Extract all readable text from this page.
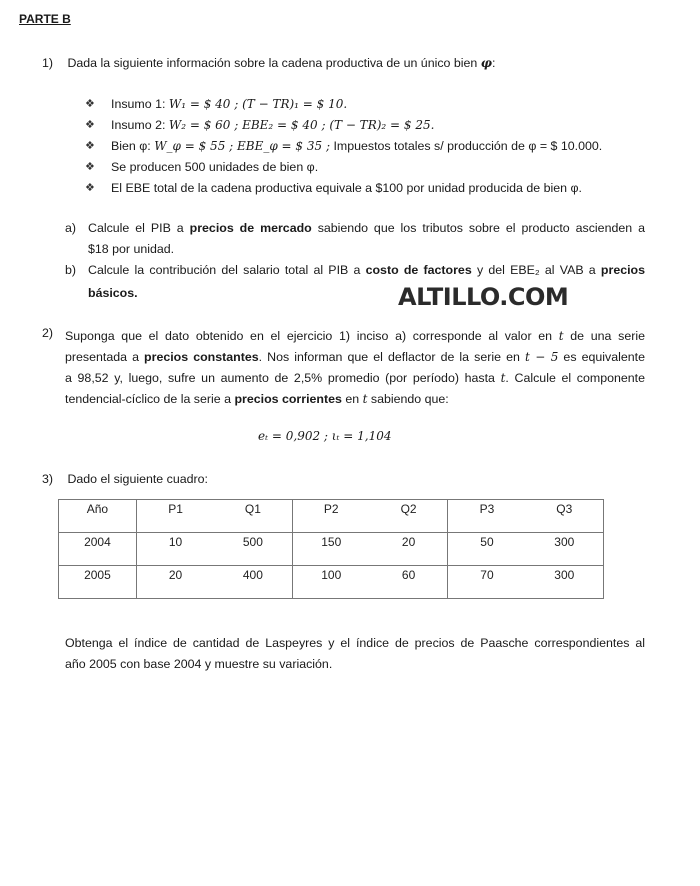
PARTE B
1) Dada la siguiente información sobre la cadena productiva de un único bien φ:
❖ Insumo 1: W₁ = $ 40 ; (T − TR)₁ = $ 10.
❖ Insumo 2: W₂ = $ 60 ; EBE₂ = $ 40 ; (T − TR)₂ = $ 25.
❖ Bien φ: W_φ = $ 55 ; EBE_φ = $ 35 ; Impuestos totales s/ producción de φ = $ 10.000.
❖ Se producen 500 unidades de bien φ.
❖ El EBE total de la cadena productiva equivale a $100 por unidad producida de bien φ.
a) Calcule el PIB a precios de mercado sabiendo que los tributos sobre el producto ascienden a
$18 por unidad.
b) Calcule la contribución del salario total al PIB a costo de factores y del EBE₂ al VAB a precios
básicos.	ALTILLO.COM
2) Suponga que el dato obtenido en el ejercicio 1) inciso a) corresponde al valor en t de una serie
presentada a precios constantes. Nos informan que el deflactor de la serie en t − 5 es equivalente
a 98,52 y, luego, sufre un aumento de 2,5% promedio (por período) hasta t. Calcule el componente
tendencial-cíclico de la serie a precios corrientes en t sabiendo que:
eₜ = 0,902 ; ιₜ = 1,104
3) Dado el siguiente cuadro:
Año	P1	Q1	P2	Q2	P3	Q3
2004	10	500	150	20	50	300
2005	20	400	100	60	70	300
Obtenga el índice de cantidad de Laspeyres y el índice de precios de Paasche correspondientes al
año 2005 con base 2004 y muestre su variación.
